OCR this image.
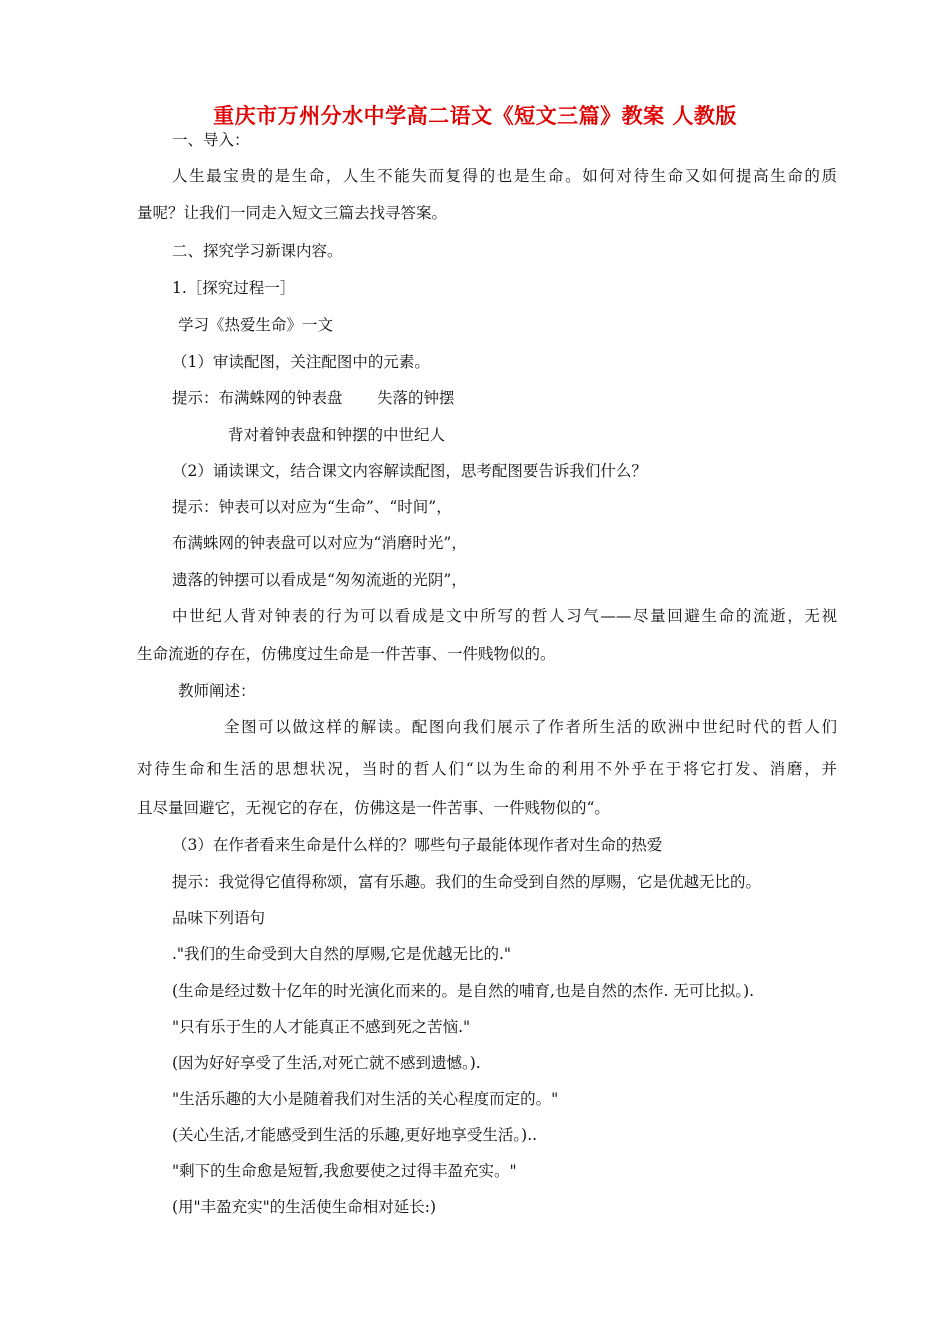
重庆市万州分水中学高二语文《短文三篇》教案 人教版
一、导入：
人生最宝贵的是生命，人生不能失而复得的也是生命。如何对待生命又如何提高生命的质
量呢？让我们一同走入短文三篇去找寻答案。
二、探究学习新课内容。
1.［探究过程一］
学习《热爱生命》一文
（1）审读配图，关注配图中的元素。
提示：布满蛛网的钟表盘       失落的钟摆
背对着钟表盘和钟摆的中世纪人
（2）诵读课文，结合课文内容解读配图，思考配图要告诉我们什么？
提示：钟表可以对应为“生命”、“时间”，
布满蛛网的钟表盘可以对应为“消磨时光”，
遗落的钟摆可以看成是“匆匆流逝的光阴”，
中世纪人背对钟表的行为可以看成是文中所写的哲人习气——尽量回避生命的流逝，无视
生命流逝的存在，仿佛度过生命是一件苦事、一件贱物似的。
教师阐述：
全图可以做这样的解读。配图向我们展示了作者所生活的欧洲中世纪时代的哲人们
对待生命和生活的思想状况，当时的哲人们“以为生命的利用不外乎在于将它打发、消磨，并
且尽量回避它，无视它的存在，仿佛这是一件苦事、一件贱物似的“。
（3）在作者看来生命是什么样的？哪些句子最能体现作者对生命的热爱
提示：我觉得它值得称颂，富有乐趣。我们的生命受到自然的厚赐，它是优越无比的。
品味下列语句
."我们的生命受到大自然的厚赐,它是优越无比的."
(生命是经过数十亿年的时光演化而来的。是自然的哺育,也是自然的杰作. 无可比拟。).
"只有乐于生的人才能真正不感到死之苦恼."
(因为好好享受了生活,对死亡就不感到遗憾。).
"生活乐趣的大小是随着我们对生活的关心程度而定的。"
(关心生活,才能感受到生活的乐趣,更好地享受生活。)..
"剩下的生命愈是短暂,我愈要使之过得丰盈充实。"
(用"丰盈充实"的生活使生命相对延长:)
